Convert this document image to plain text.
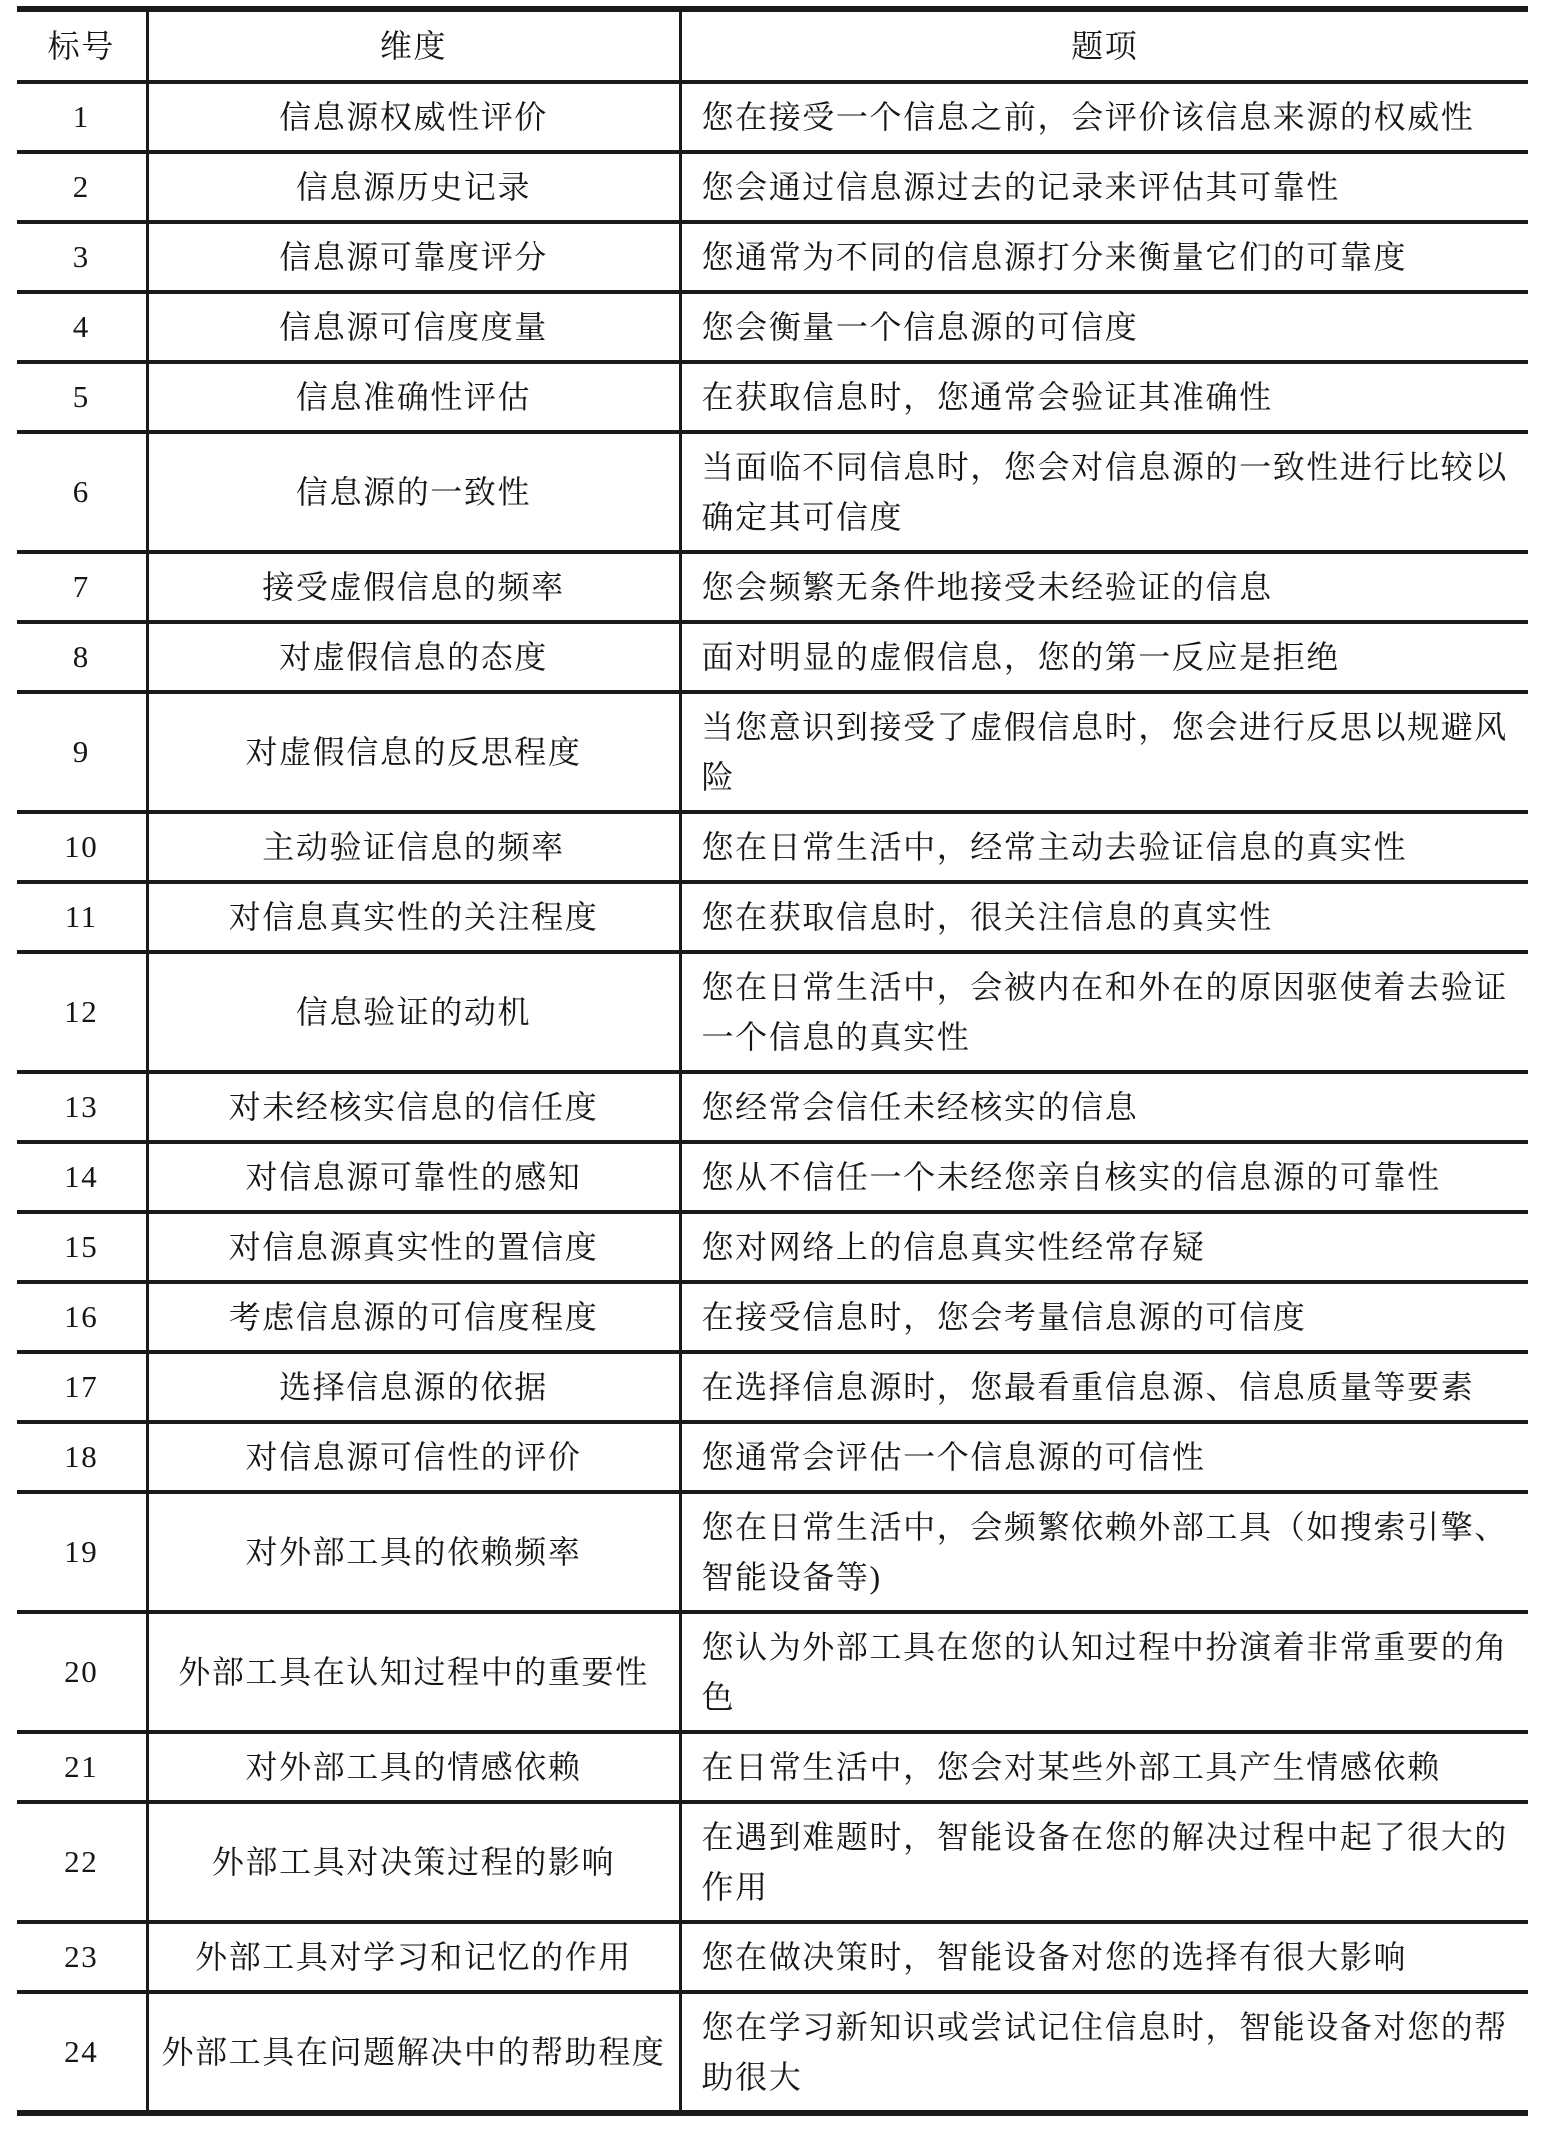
标号	维度	题项
1	信息源权威性评价	您在接受一个信息之前，会评价该信息来源的权威性
2	信息源历史记录	您会通过信息源过去的记录来评估其可靠性
3	信息源可靠度评分	您通常为不同的信息源打分来衡量它们的可靠度
4	信息源可信度度量	您会衡量一个信息源的可信度
5	信息准确性评估	在获取信息时，您通常会验证其准确性
6	信息源的一致性	当面临不同信息时，您会对信息源的一致性进行比较以确定其可信度
7	接受虚假信息的频率	您会频繁无条件地接受未经验证的信息
8	对虚假信息的态度	面对明显的虚假信息，您的第一反应是拒绝
9	对虚假信息的反思程度	当您意识到接受了虚假信息时，您会进行反思以规避风险
10	主动验证信息的频率	您在日常生活中，经常主动去验证信息的真实性
11	对信息真实性的关注程度	您在获取信息时，很关注信息的真实性
12	信息验证的动机	您在日常生活中，会被内在和外在的原因驱使着去验证一个信息的真实性
13	对未经核实信息的信任度	您经常会信任未经核实的信息
14	对信息源可靠性的感知	您从不信任一个未经您亲自核实的信息源的可靠性
15	对信息源真实性的置信度	您对网络上的信息真实性经常存疑
16	考虑信息源的可信度程度	在接受信息时，您会考量信息源的可信度
17	选择信息源的依据	在选择信息源时，您最看重信息源、信息质量等要素
18	对信息源可信性的评价	您通常会评估一个信息源的可信性
19	对外部工具的依赖频率	您在日常生活中，会频繁依赖外部工具（如搜索引擎、智能设备等)
20	外部工具在认知过程中的重要性	您认为外部工具在您的认知过程中扮演着非常重要的角色
21	对外部工具的情感依赖	在日常生活中，您会对某些外部工具产生情感依赖
22	外部工具对决策过程的影响	在遇到难题时，智能设备在您的解决过程中起了很大的作用
23	外部工具对学习和记忆的作用	您在做决策时，智能设备对您的选择有很大影响
24	外部工具在问题解决中的帮助程度	您在学习新知识或尝试记住信息时，智能设备对您的帮助很大
